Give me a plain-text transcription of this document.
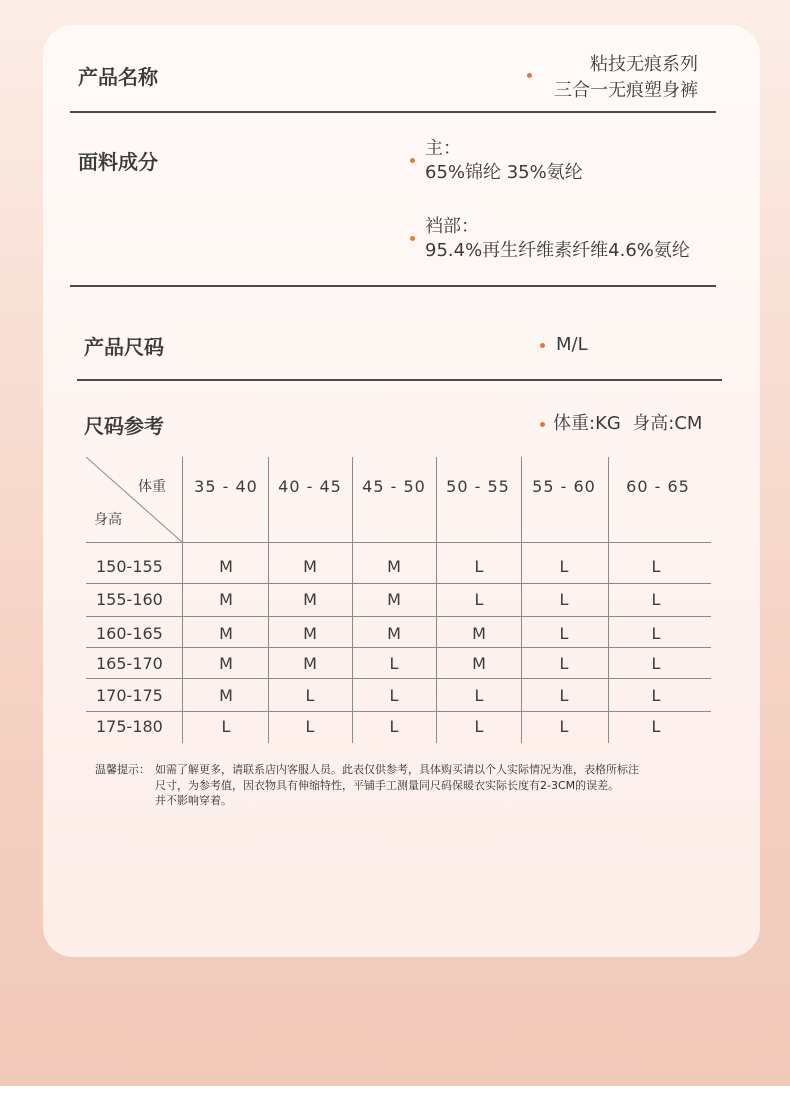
产品名称
粘技无痕系列
三合一无痕塑身裤
面料成分
主：
65%锦纶 35%氨纶
裆部：
95.4%再生纤维素纤维4.6%氨纶
产品尺码	M/L
尺码参考	体重:KG  身高:CM
体重
身高
35 - 40	40 - 45	45 - 50	50 - 55	55 - 60	60 - 65
150-155	M	M	M	L	L	L
155-160	M	M	M	L	L	L
160-165	M	M	M	M	L	L
165-170	M	M	L	M	L	L
170-175	M	L	L	L	L	L
175-180	L	L	L	L	L	L
温馨提示： 如需了解更多，请联系店内客服人员。此表仅供参考，具体购买请以个人实际情况为准，表格所标注
尺寸，为参考值，因衣物具有伸缩特性，平铺手工测量同尺码保暖衣实际长度有2-3CM的误差。
并不影响穿着。
